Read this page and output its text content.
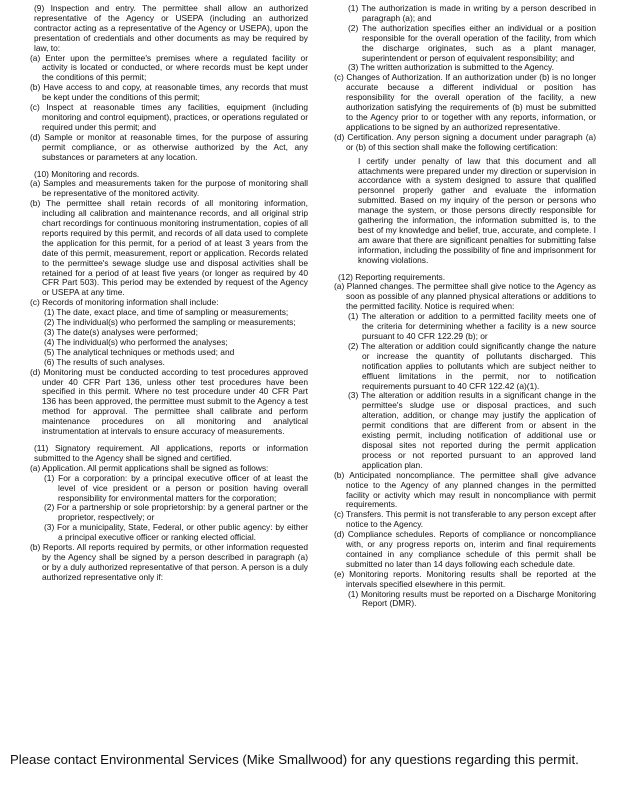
(9) Inspection and entry. The permittee shall allow an authorized representative of the Agency or USEPA (including an authorized contractor acting as a representative of the Agency or USEPA), upon the presentation of credentials and other documents as may be required by law, to:

(a) Enter upon the permittee's premises where a regulated facility or activity is located or conducted, or where records must be kept under the conditions of this permit;

(b) Have access to and copy, at reasonable times, any records that must be kept under the conditions of this permit;

(c) Inspect at reasonable times any facilities, equipment (including monitoring and control equipment), practices, or operations regulated or required under this permit; and

(d) Sample or monitor at reasonable times, for the purpose of assuring permit compliance, or as otherwise authorized by the Act, any substances or parameters at any location.

(10) Monitoring and records.

(a) Samples and measurements taken for the purpose of monitoring shall be representative of the monitored activity.

(b) The permittee shall retain records of all monitoring information, including all calibration and maintenance records, and all original strip chart recordings for continuous monitoring instrumentation, copies of all reports required by this permit, and records of all data used to complete the application for this permit, for a period of at least 3 years from the date of this permit, measurement, report or application. Records related to the permittee's sewage sludge use and disposal activities shall be retained for a period of at least five years (or longer as required by 40 CFR Part 503). This period may be extended by request of the Agency or USEPA at any time.

(c) Records of monitoring information shall include:

(1) The date, exact place, and time of sampling or measurements;

(2) The individual(s) who performed the sampling or measurements;

(3) The date(s) analyses were performed;

(4) The individual(s) who performed the analyses;

(5) The analytical techniques or methods used; and

(6) The results of such analyses.

(d) Monitoring must be conducted according to test procedures approved under 40 CFR Part 136, unless other test procedures have been specified in this permit. Where no test procedure under 40 CFR Part 136 has been approved, the permittee must submit to the Agency a test method for approval. The permittee shall calibrate and perform maintenance procedures on all monitoring and analytical instrumentation at intervals to ensure accuracy of measurements.

(11) Signatory requirement. All applications, reports or information submitted to the Agency shall be signed and certified.

(a) Application. All permit applications shall be signed as follows:

(1) For a corporation: by a principal executive officer of at least the level of vice president or a person or position having overall responsibility for environmental matters for the corporation;

(2) For a partnership or sole proprietorship: by a general partner or the proprietor, respectively; or

(3) For a municipality, State, Federal, or other public agency: by either a principal executive officer or ranking elected official.

(b) Reports. All reports required by permits, or other information requested by the Agency shall be signed by a person described in paragraph (a) or by a duly authorized representative of that person. A person is a duly authorized representative only if:

(1) The authorization is made in writing by a person described in paragraph (a); and

(2) The authorization specifies either an individual or a position responsible for the overall operation of the facility, from which the discharge originates, such as a plant manager, superintendent or person of equivalent responsibility; and

(3) The written authorization is submitted to the Agency.

(c) Changes of Authorization. If an authorization under (b) is no longer accurate because a different individual or position has responsibility for the overall operation of the facility, a new authorization satisfying the requirements of (b) must be submitted to the Agency prior to or together with any reports, information, or applications to be signed by an authorized representative.

(d) Certification. Any person signing a document under paragraph (a) or (b) of this section shall make the following certification:

I certify under penalty of law that this document and all attachments were prepared under my direction or supervision in accordance with a system designed to assure that qualified personnel properly gather and evaluate the information submitted. Based on my inquiry of the person or persons who manage the system, or those persons directly responsible for gathering the information, the information submitted is, to the best of my knowledge and belief, true, accurate, and complete. I am aware that there are significant penalties for submitting false information, including the possibility of fine and imprisonment for knowing violations.

(12) Reporting requirements.

(a) Planned changes. The permittee shall give notice to the Agency as soon as possible of any planned physical alterations or additions to the permitted facility. Notice is required when:

(1) The alteration or addition to a permitted facility meets one of the criteria for determining whether a facility is a new source pursuant to 40 CFR 122.29 (b); or

(2) The alteration or addition could significantly change the nature or increase the quantity of pollutants discharged. This notification applies to pollutants which are subject neither to effluent limitations in the permit, nor to notification requirements pursuant to 40 CFR 122.42 (a)(1).

(3) The alteration or addition results in a significant change in the permittee's sludge use or disposal practices, and such alteration, addition, or change may justify the application of permit conditions that are different from or absent in the existing permit, including notification of additional use or disposal sites not reported during the permit application process or not reported pursuant to an approved land application plan.

(b) Anticipated noncompliance. The permittee shall give advance notice to the Agency of any planned changes in the permitted facility or activity which may result in noncompliance with permit requirements.

(c) Transfers. This permit is not transferable to any person except after notice to the Agency.

(d) Compliance schedules. Reports of compliance or noncompliance with, or any progress reports on, interim and final requirements contained in any compliance schedule of this permit shall be submitted no later than 14 days following each schedule date.

(e) Monitoring reports. Monitoring results shall be reported at the intervals specified elsewhere in this permit.

(1) Monitoring results must be reported on a Discharge Monitoring Report (DMR).

Please contact Environmental Services (Mike Smallwood) for any questions regarding this permit.
